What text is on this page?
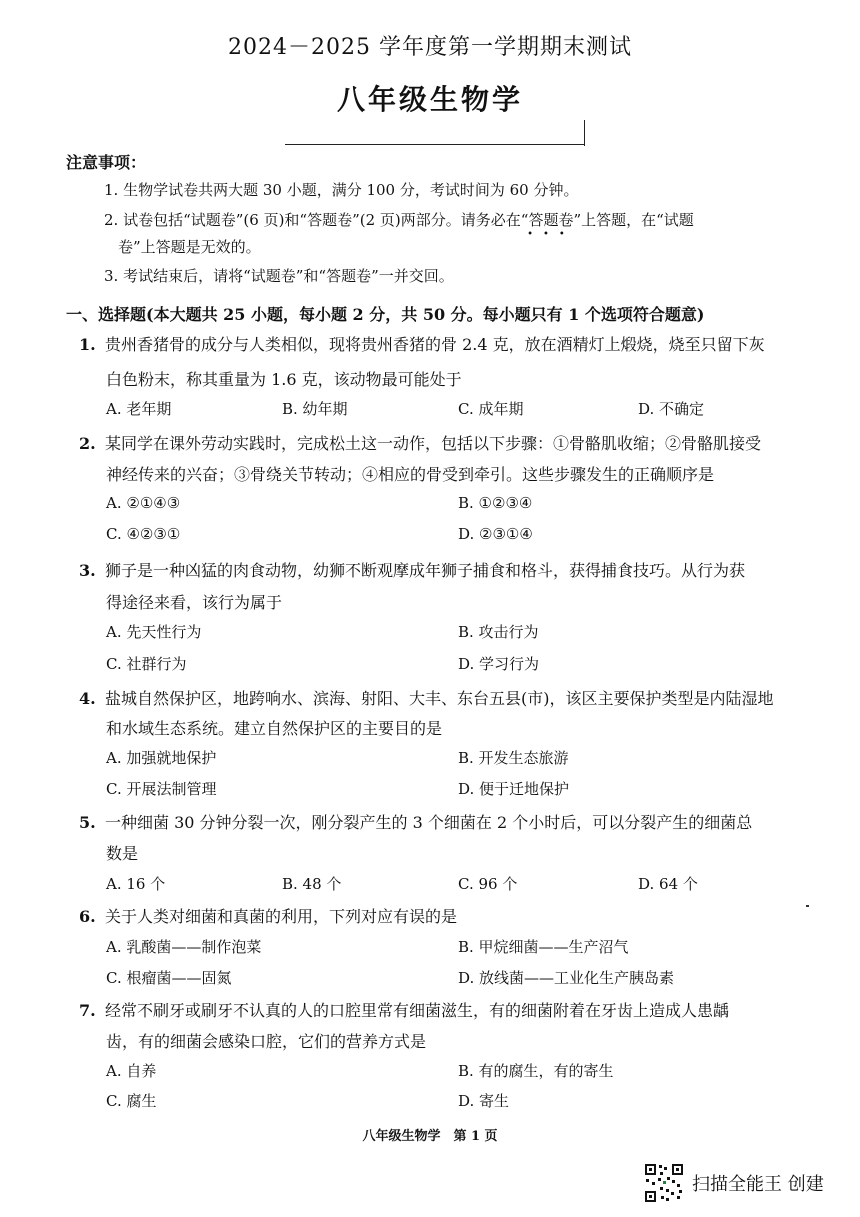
2024－2025 学年度第一学期期末测试
八年级生物学
注意事项：
1. 生物学试卷共两大题 30 小题，满分 100 分，考试时间为 60 分钟。
2. 试卷包括“试题卷”(6 页)和“答题卷”(2 页)两部分。请务必在“答题卷”
•••
上答题，在“试题
卷”上答题是无效的。
3. 考试结束后，请将“试题卷”和“答题卷”一并交回。
一、选择题(本大题共 25 小题，每小题 2 分，共 50 分。每小题只有 1 个选项符合题意)
1. 贵州香猪骨的成分与人类相似，现将贵州香猪的骨 2.4 克，放在酒精灯上煅烧，烧至只留下灰
白色粉末，称其重量为 1.6 克，该动物最可能处于
A. 老年期	B. 幼年期	C. 成年期	D. 不确定
2. 某同学在课外劳动实践时，完成松土这一动作，包括以下步骤：①骨骼肌收缩；②骨骼肌接受
神经传来的兴奋；③骨绕关节转动；④相应的骨受到牵引。这些步骤发生的正确顺序是
A. ②①④③	B. ①②③④
C. ④②③①	D. ②③①④
3. 狮子是一种凶猛的肉食动物，幼狮不断观摩成年狮子捕食和格斗，获得捕食技巧。从行为获
得途径来看，该行为属于
A. 先天性行为	B. 攻击行为
C. 社群行为	D. 学习行为
4. 盐城自然保护区，地跨响水、滨海、射阳、大丰、东台五县(市)，该区主要保护类型是内陆湿地
和水域生态系统。建立自然保护区的主要目的是
A. 加强就地保护	B. 开发生态旅游
C. 开展法制管理	D. 便于迁地保护
5. 一种细菌 30 分钟分裂一次，刚分裂产生的 3 个细菌在 2 个小时后，可以分裂产生的细菌总
数是
A. 16 个	B. 48 个	C. 96 个	D. 64 个
6. 关于人类对细菌和真菌的利用，下列对应有误的是
A. 乳酸菌——制作泡菜	B. 甲烷细菌——生产沼气
C. 根瘤菌——固氮	D. 放线菌——工业化生产胰岛素
7. 经常不刷牙或刷牙不认真的人的口腔里常有细菌滋生，有的细菌附着在牙齿上造成人患龋
齿，有的细菌会感染口腔，它们的营养方式是
A. 自养	B. 有的腐生，有的寄生
C. 腐生	D. 寄生
八年级生物学　第 1 页
扫描全能王 创建
